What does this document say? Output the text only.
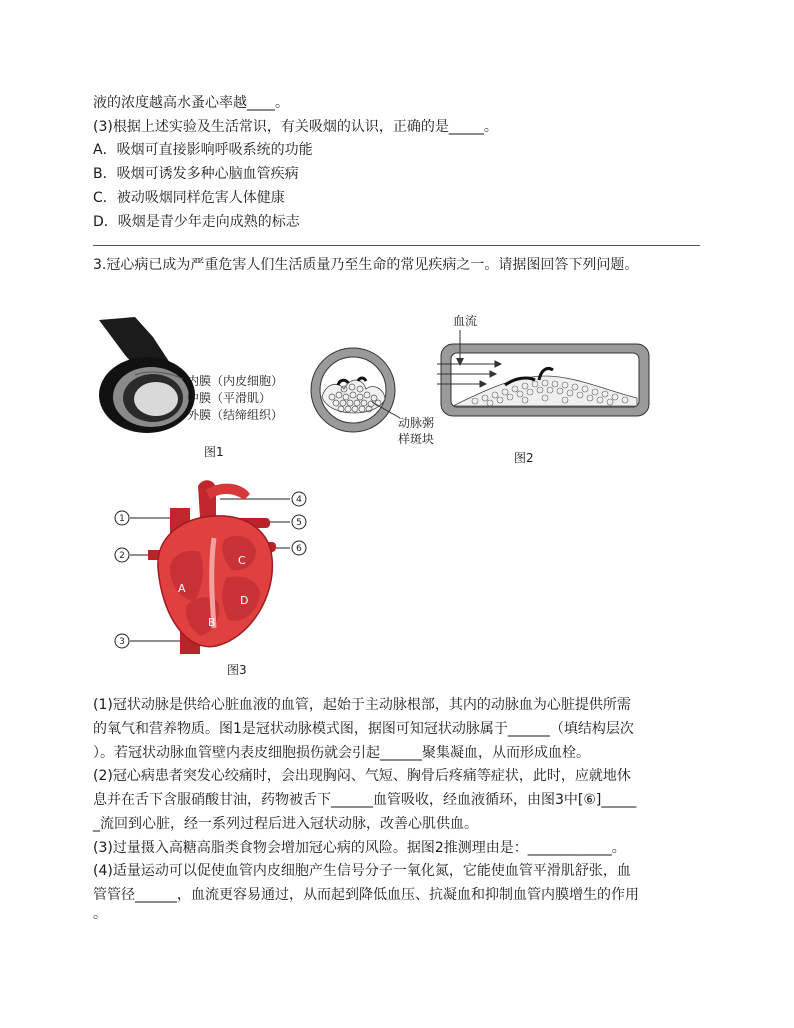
液的浓度越高水蚤心率越____。
(3)根据上述实验及生活常识，有关吸烟的认识，正确的是_____。
A．吸烟可直接影响呼吸系统的功能
B．吸烟可诱发多种心脑血管疾病
C．被动吸烟同样危害人体健康
D．吸烟是青少年走向成熟的标志
3.冠心病已成为严重危害人们生活质量乃至生命的常见疾病之一。请据图回答下列问题。
内膜（内皮细胞）
中膜（平滑肌）
外膜（结缔组织）
图1
动脉粥
样斑块
血流
图2
1
2
3
4
5
6
A
B
C
D
图3
(1)冠状动脉是供给心脏血液的血管，起始于主动脉根部，其内的动脉血为心脏提供所需
的氧气和营养物质。图1是冠状动脉模式图，据图可知冠状动脉属于______（填结构层次
）。若冠状动脉血管壁内表皮细胞损伤就会引起______聚集凝血，从而形成血栓。
(2)冠心病患者突发心绞痛时，会出现胸闷、气短、胸骨后疼痛等症状，此时，应就地休
息并在舌下含服硝酸甘油，药物被舌下______血管吸收，经血液循环，由图3中[⑥]_____
_流回到心脏，经一系列过程后进入冠状动脉，改善心肌供血。
(3)过量摄入高糖高脂类食物会增加冠心病的风险。据图2推测理由是：____________。
(4)适量运动可以促使血管内皮细胞产生信号分子一氧化氮，它能使血管平滑肌舒张，血
管管径______，血流更容易通过，从而起到降低血压、抗凝血和抑制血管内膜增生的作用
。
